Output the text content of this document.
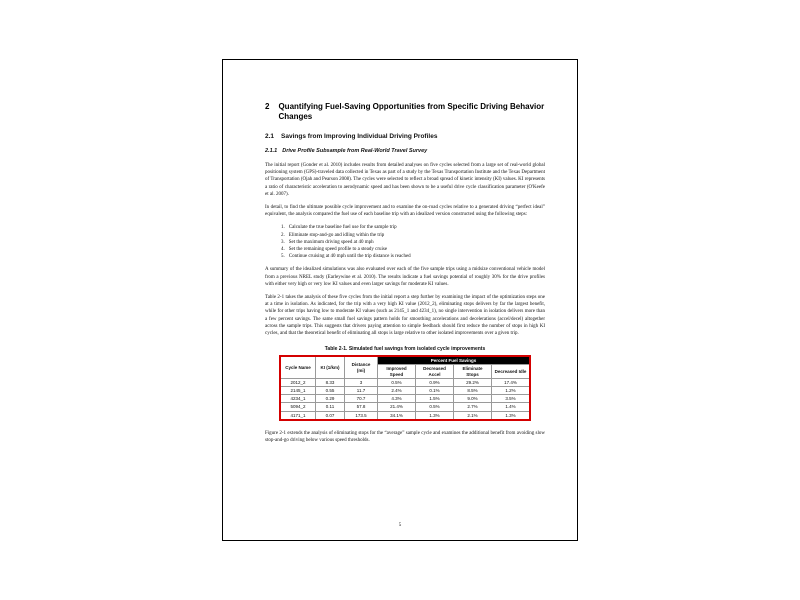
2 Quantifying Fuel-Saving Opportunities from Specific Driving Behavior Changes
2.1 Savings from Improving Individual Driving Profiles
2.1.1 Drive Profile Subsample from Real-World Travel Survey

The initial report (Gonder et al. 2010) includes results from detailed analyses on five cycles selected from a large set of real-world global positioning system (GPS)-traveled data collected in Texas as part of a study by the Texas Transportation Institute and the Texas Department of Transportation (Ojah and Pearson 2008). The cycles were selected to reflect a broad spread of kinetic intensity (KI) values. KI represents a ratio of characteristic acceleration to aerodynamic speed and has been shown to be a useful drive cycle classification parameter (O'Keefe et al. 2007).

In detail, to find the ultimate possible cycle improvement and to examine the on-road cycles relative to a generated driving “perfect ideal” equivalent, the analysis compared the fuel use of each baseline trip with an idealized version constructed using the following steps:

1. Calculate the true baseline fuel use for the sample trip
2. Eliminate stop-and-go and idling within the trip
3. Set the maximum driving speed at 40 mph
4. Set the remaining speed profile to a steady cruise
5. Continue cruising at 40 mph until the trip distance is reached

A summary of the idealized simulations was also evaluated over each of the five sample trips using a midsize conventional vehicle model from a previous NREL study (Earleywine et al. 2010). The results indicate a fuel savings potential of roughly 30% for the drive profiles with either very high or very low KI values and even larger savings for moderate KI values.

Table 2-1 takes the analysis of these five cycles from the initial report a step further by examining the impact of the optimization steps one at a time in isolation. As indicated, for the trip with a very high KI value (2012_2), eliminating stops delivers by far the largest benefit, while for other trips having low to moderate KI values (such as 2145_1 and 4234_1), no single intervention in isolation delivers more than a few percent savings. The same small fuel savings pattern holds for smoothing accelerations and decelerations (accel/decel) altogether across the sample trips. This suggests that drivers paying attention to simple feedback should first reduce the number of stops in high KI cycles, and that the theoretical benefit of eliminating all stops is large relative to other isolated improvements over a given trip.

Table 2-1. Simulated fuel savings from isolated cycle improvements
Cycle Name	KI (1/km)	Distance (mi)	Percent Fuel Savings			
			Improved Speed	Decreased Accel	Eliminate Stops	Decreased Idle
2012_2	8.33	3	0.5%	0.9%	29.2%	17.4%
2145_1	0.55	11.7	2.4%	0.1%	8.5%	1.2%
4234_1	0.29	70.7	4.3%	1.5%	9.0%	3.5%
5094_2	0.11	57.8	21.4%	0.5%	2.7%	1.4%
4171_1	0.07	173.5	34.1%	1.3%	2.1%	1.3%

Figure 2-1 extends the analysis of eliminating stops for the “average” sample cycle and examines the additional benefit from avoiding slow stop-and-go driving below various speed thresholds.

5
